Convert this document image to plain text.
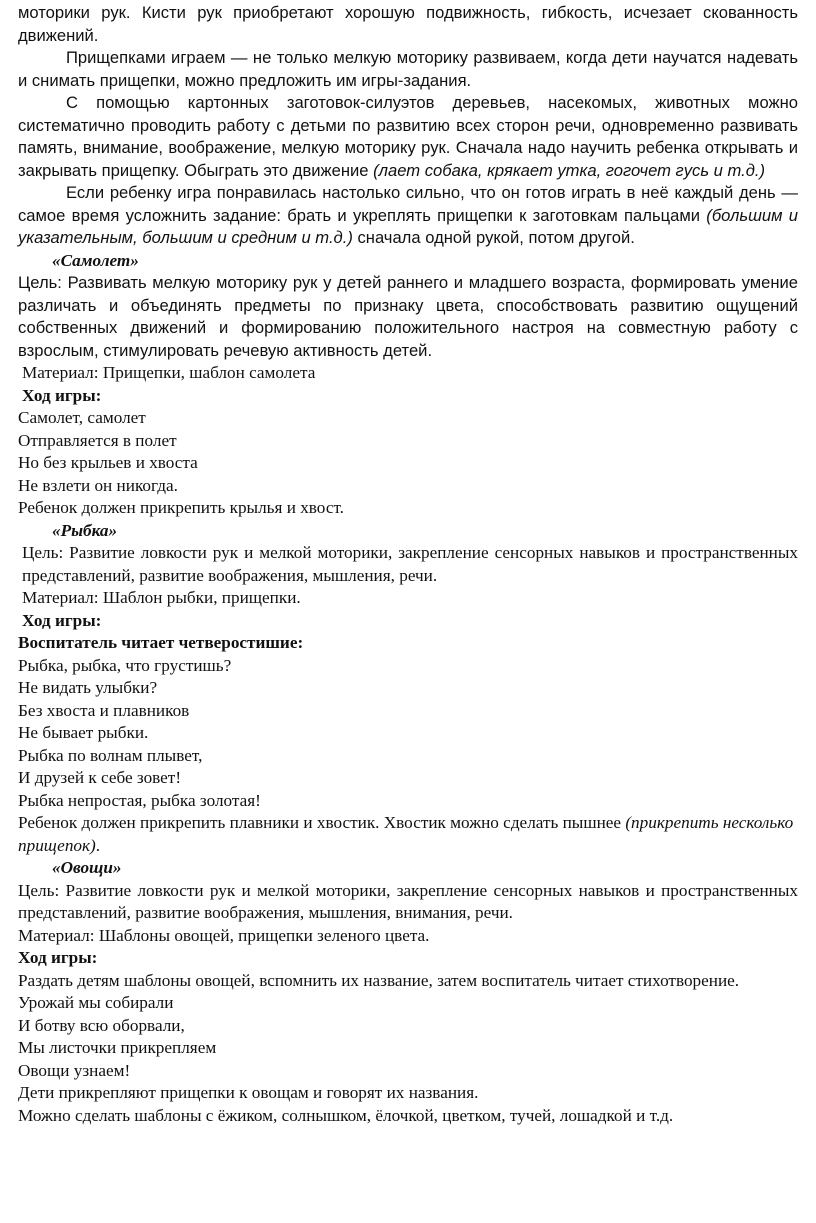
моторики рук. Кисти рук приобретают хорошую подвижность, гибкость, исчезает скованность движений.

Прищепками играем — не только мелкую моторику развиваем, когда дети научатся надевать и снимать прищепки, можно предложить им игры-задания.

С помощью картонных заготовок-силуэтов деревьев, насекомых, животных можно систематично проводить работу с детьми по развитию всех сторон речи, одновременно развивать память, внимание, воображение, мелкую моторику рук. Сначала надо научить ребенка открывать и закрывать прищепку. Обыграть это движение (лает собака, крякает утка, гогочет гусь и т.д.)

Если ребенку игра понравилась настолько сильно, что он готов играть в неё каждый день — самое время усложнить задание: брать и укреплять прищепки к заготовкам пальцами (большим и указательным, большим и средним и т.д.) сначала одной рукой, потом другой.

«Самолет»

Цель: Развивать мелкую моторику рук у детей раннего и младшего возраста, формировать умение различать и объединять предметы по признаку цвета, способствовать развитию ощущений собственных движений и формированию положительного настроя на совместную работу с взрослым, стимулировать речевую активность детей.

Материал: Прищепки, шаблон самолета

Ход игры:

Самолет, самолет

Отправляется в полет

Но без крыльев и хвоста

Не взлети он никогда.

Ребенок должен прикрепить крылья и хвост.

«Рыбка»

Цель: Развитие ловкости рук и мелкой моторики, закрепление сенсорных навыков и пространственных представлений, развитие воображения, мышления, речи.

Материал: Шаблон рыбки, прищепки.

Ход игры:

Воспитатель читает четверостишие:

Рыбка, рыбка, что грустишь?

Не видать улыбки?

Без хвоста и плавников

Не бывает рыбки.

Рыбка по волнам плывет,

И друзей к себе зовет!

Рыбка непростая, рыбка золотая!

Ребенок должен прикрепить плавники и хвостик. Хвостик можно сделать пышнее (прикрепить несколько прищепок).

«Овощи»

Цель: Развитие ловкости рук и мелкой моторики, закрепление сенсорных навыков и пространственных представлений, развитие воображения, мышления, внимания, речи.

Материал: Шаблоны овощей, прищепки зеленого цвета.

Ход игры:

Раздать детям шаблоны овощей, вспомнить их название, затем воспитатель читает стихотворение.

Урожай мы собирали

И ботву всю оборвали,

Мы листочки прикрепляем

Овощи узнаем!

Дети прикрепляют прищепки к овощам и говорят их названия.

Можно сделать шаблоны с ёжиком, солнышком, ёлочкой, цветком, тучей, лошадкой и т.д.
